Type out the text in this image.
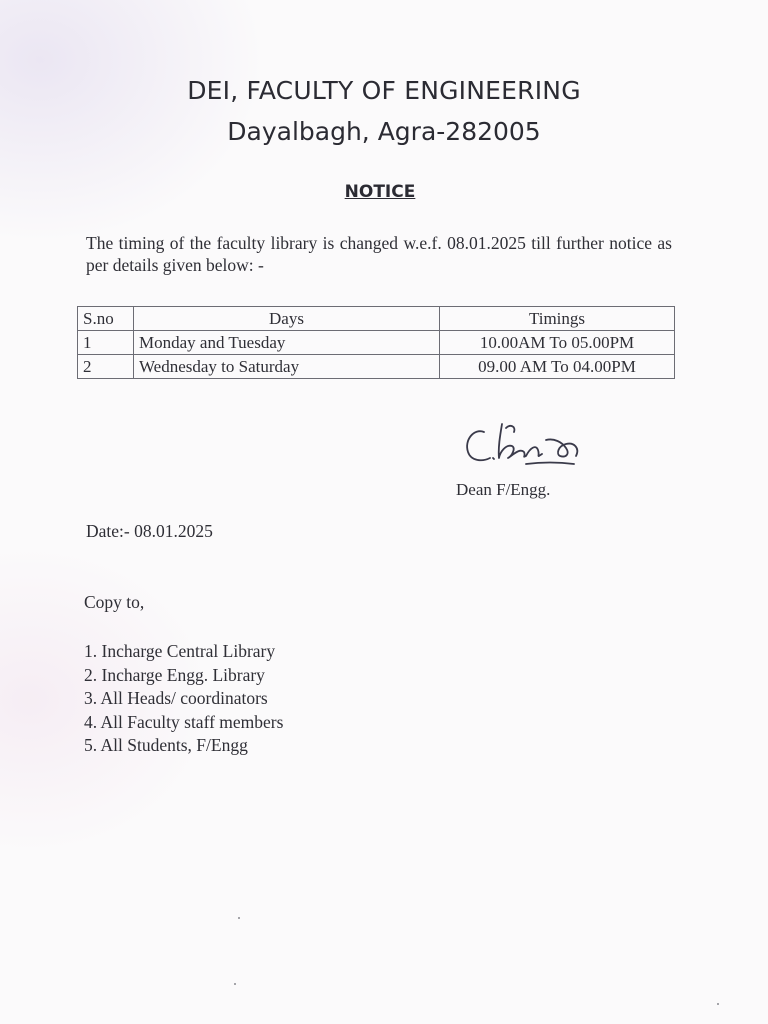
DEI, FACULTY OF ENGINEERING
Dayalbagh, Agra-282005
NOTICE
The timing of the faculty library is changed w.e.f. 08.01.2025 till further notice as per details given below: -
S.no	Days	Timings
1	Monday and Tuesday	10.00AM To 05.00PM
2	Wednesday to Saturday	09.00 AM To 04.00PM
Dean F/Engg.
Date:- 08.01.2025
Copy to,
1. Incharge Central Library
2. Incharge Engg. Library
3. All Heads/ coordinators
4. All Faculty staff members
5. All Students, F/Engg
